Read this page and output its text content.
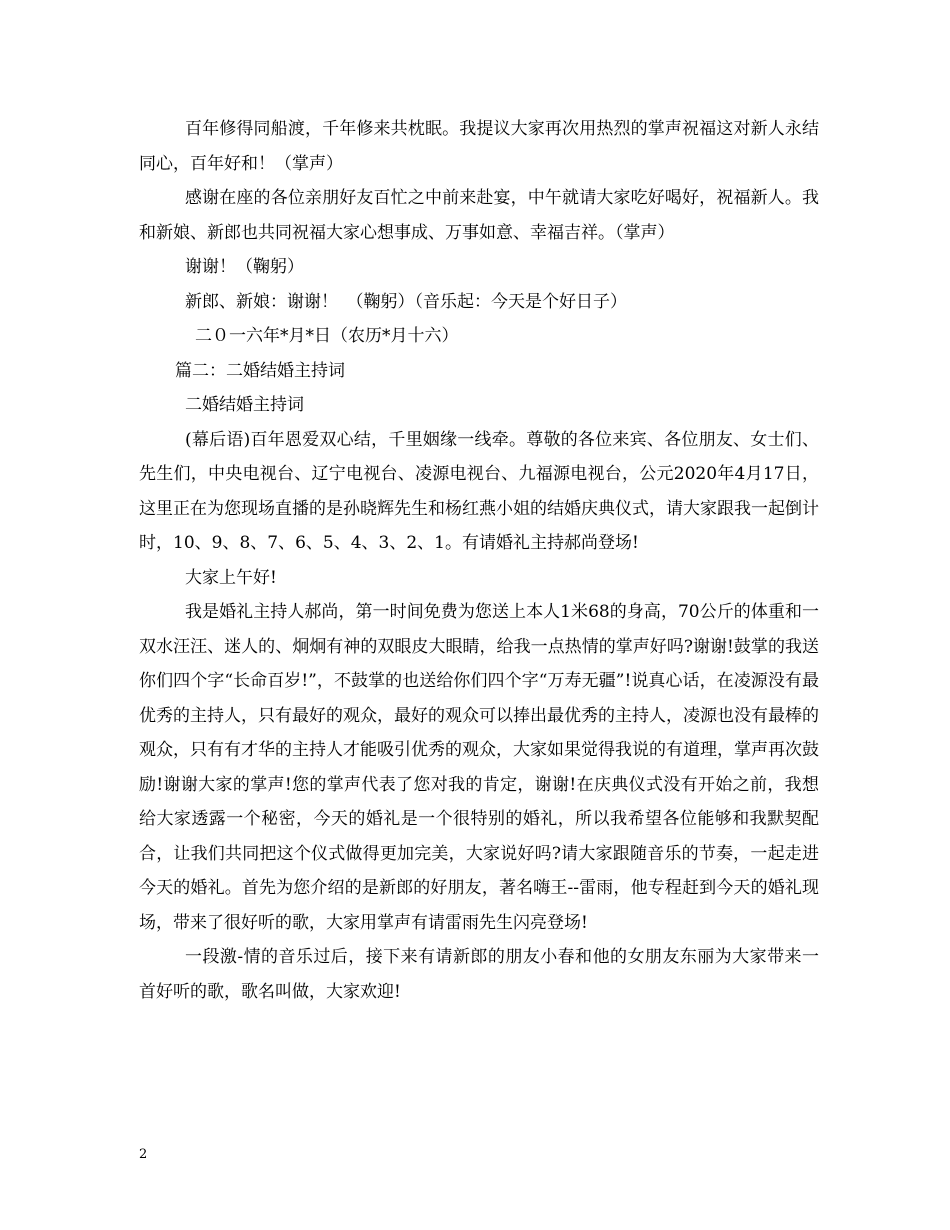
百年修得同船渡，千年修来共枕眠。我提议大家再次用热烈的掌声祝福这对新人永结同心，百年好和！（掌声）

感谢在座的各位亲朋好友百忙之中前来赴宴，中午就请大家吃好喝好，祝福新人。我和新娘、新郎也共同祝福大家心想事成、万事如意、幸福吉祥。（掌声）

谢谢！（鞠躬）

新郎、新娘：谢谢！　（鞠躬）（音乐起：今天是个好日子）

二０一六年*月*日（农历*月十六）

篇二：二婚结婚主持词

二婚结婚主持词

(幕后语)百年恩爱双心结，千里姻缘一线牵。尊敬的各位来宾、各位朋友、女士们、先生们，中央电视台、辽宁电视台、凌源电视台、九福源电视台，公元2020年4月17日，这里正在为您现场直播的是孙晓辉先生和杨红燕小姐的结婚庆典仪式，请大家跟我一起倒计时，10、9、8、7、6、5、4、3、2、1。有请婚礼主持郝尚登场!

大家上午好!

我是婚礼主持人郝尚，第一时间免费为您送上本人1米68的身高，70公斤的体重和一双水汪汪、迷人的、炯炯有神的双眼皮大眼睛，给我一点热情的掌声好吗?谢谢!鼓掌的我送你们四个字“长命百岁!”，不鼓掌的也送给你们四个字“万寿无疆”!说真心话，在凌源没有最优秀的主持人，只有最好的观众，最好的观众可以捧出最优秀的主持人，凌源也没有最棒的观众，只有有才华的主持人才能吸引优秀的观众，大家如果觉得我说的有道理，掌声再次鼓励!谢谢大家的掌声!您的掌声代表了您对我的肯定，谢谢!在庆典仪式没有开始之前，我想给大家透露一个秘密，今天的婚礼是一个很特别的婚礼，所以我希望各位能够和我默契配合，让我们共同把这个仪式做得更加完美，大家说好吗?请大家跟随音乐的节奏，一起走进今天的婚礼。首先为您介绍的是新郎的好朋友，著名嗨王--雷雨，他专程赶到今天的婚礼现场，带来了很好听的歌，大家用掌声有请雷雨先生闪亮登场!

一段激-情的音乐过后，接下来有请新郎的朋友小春和他的女朋友东丽为大家带来一首好听的歌，歌名叫做，大家欢迎!

2
